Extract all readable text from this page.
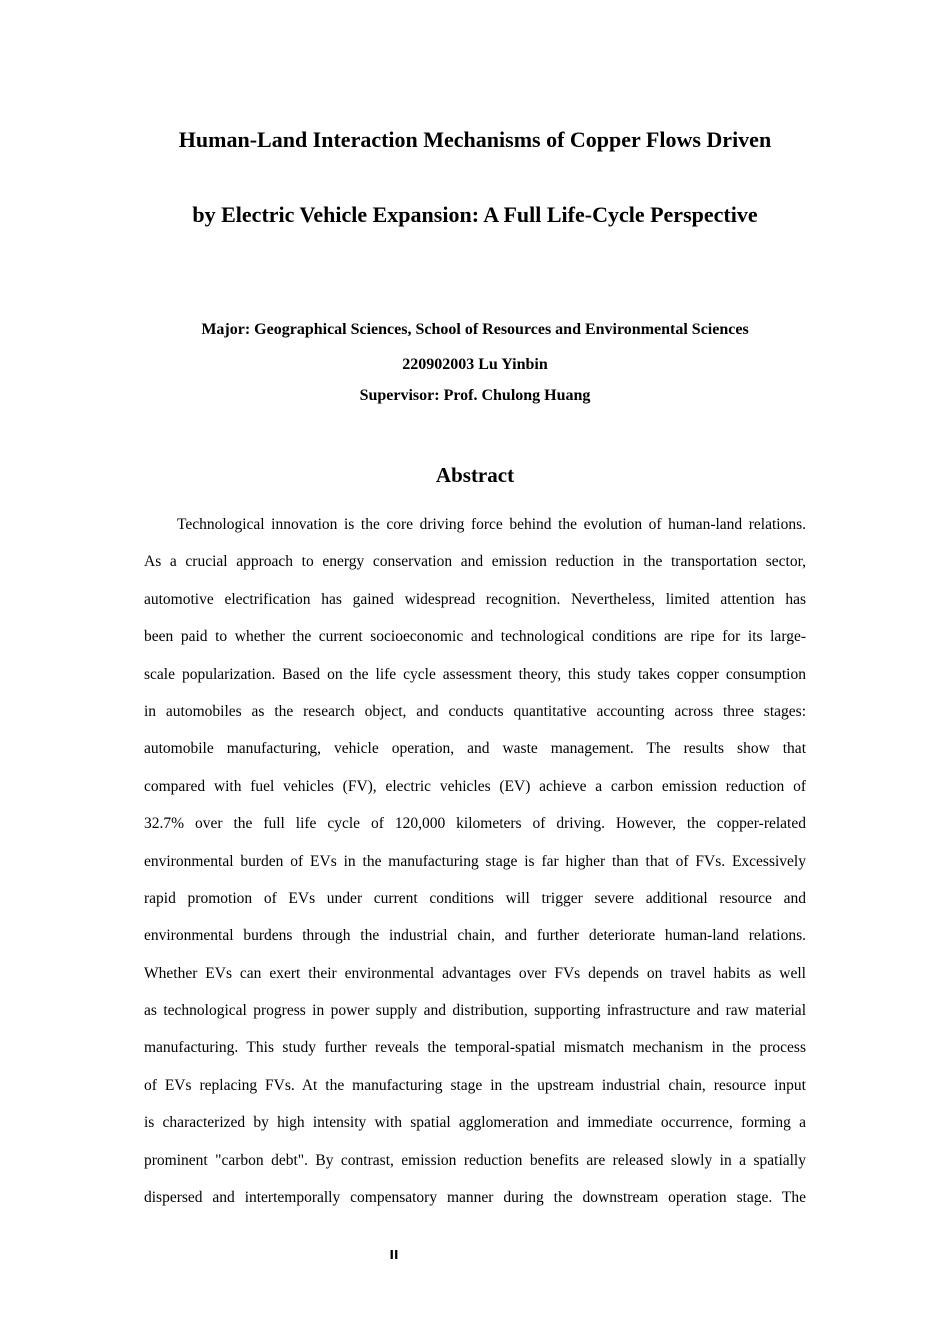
Human-Land Interaction Mechanisms of Copper Flows Driven
by Electric Vehicle Expansion: A Full Life-Cycle Perspective
Major: Geographical Sciences, School of Resources and Environmental Sciences
220902003 Lu Yinbin
Supervisor: Prof. Chulong Huang
Abstract
Technological innovation is the core driving force behind the evolution of human-land relations.
As a crucial approach to energy conservation and emission reduction in the transportation sector,
automotive electrification has gained widespread recognition. Nevertheless, limited attention has
been paid to whether the current socioeconomic and technological conditions are ripe for its large-
scale popularization. Based on the life cycle assessment theory, this study takes copper consumption
in automobiles as the research object, and conducts quantitative accounting across three stages:
automobile manufacturing, vehicle operation, and waste management. The results show that
compared with fuel vehicles (FV), electric vehicles (EV) achieve a carbon emission reduction of
32.7% over the full life cycle of 120,000 kilometers of driving. However, the copper-related
environmental burden of EVs in the manufacturing stage is far higher than that of FVs. Excessively
rapid promotion of EVs under current conditions will trigger severe additional resource and
environmental burdens through the industrial chain, and further deteriorate human-land relations.
Whether EVs can exert their environmental advantages over FVs depends on travel habits as well
as technological progress in power supply and distribution, supporting infrastructure and raw material
manufacturing. This study further reveals the temporal-spatial mismatch mechanism in the process
of EVs replacing FVs. At the manufacturing stage in the upstream industrial chain, resource input
is characterized by high intensity with spatial agglomeration and immediate occurrence, forming a
prominent "carbon debt". By contrast, emission reduction benefits are released slowly in a spatially
dispersed and intertemporally compensatory manner during the downstream operation stage. The
II
